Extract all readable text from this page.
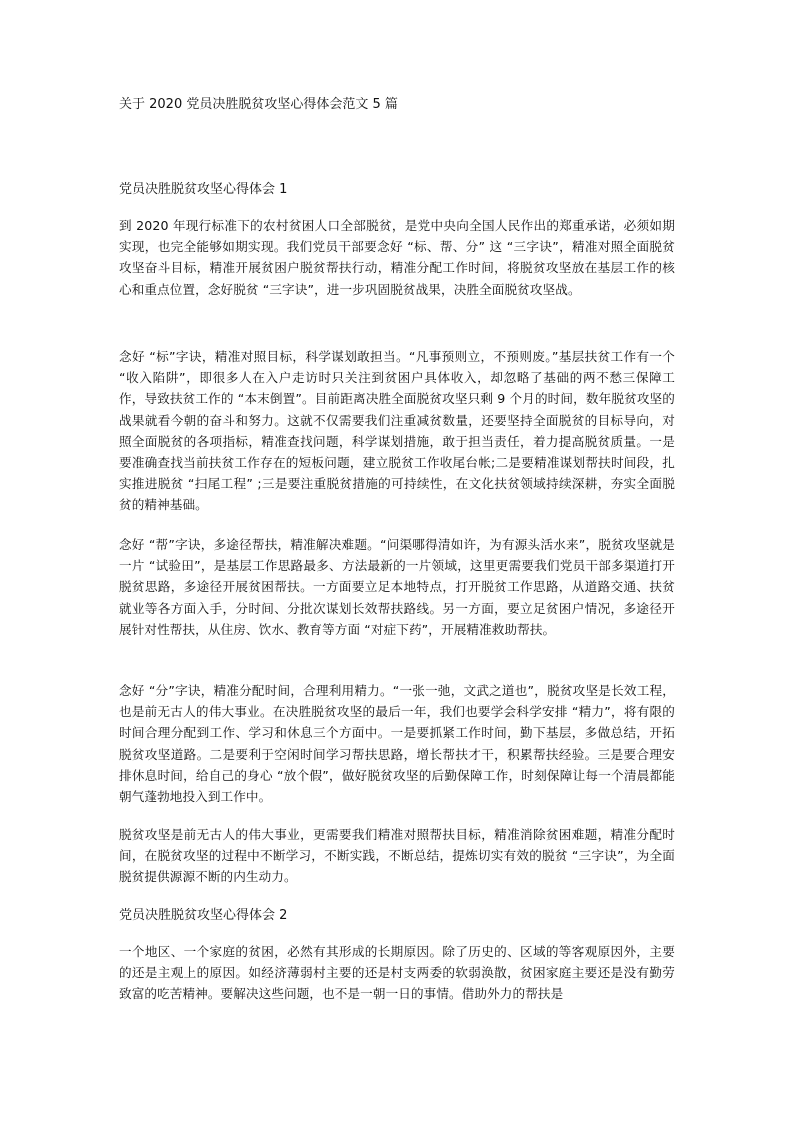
关于 2020 党员决胜脱贫攻坚心得体会范文 5 篇
党员决胜脱贫攻坚心得体会 1

到 2020 年现行标准下的农村贫困人口全部脱贫，是党中央向全国人民作出的郑重承诺，必须如期实现，也完全能够如期实现。我们党员干部要念好 “标、帮、分” 这 “三字诀”，精准对照全面脱贫攻坚奋斗目标，精准开展贫困户脱贫帮扶行动，精准分配工作时间，将脱贫攻坚放在基层工作的核心和重点位置，念好脱贫 “三字诀”，进一步巩固脱贫战果，决胜全面脱贫攻坚战。

念好 “标”字诀，精准对照目标，科学谋划敢担当。“凡事预则立，不预则废。”基层扶贫工作有一个 “收入陷阱”，即很多人在入户走访时只关注到贫困户具体收入，却忽略了基础的两不愁三保障工作，导致扶贫工作的 “本末倒置”。目前距离决胜全面脱贫攻坚只剩 9 个月的时间，数年脱贫攻坚的战果就看今朝的奋斗和努力。这就不仅需要我们注重减贫数量，还要坚持全面脱贫的目标导向，对照全面脱贫的各项指标，精准查找问题，科学谋划措施，敢于担当责任，着力提高脱贫质量。一是要准确查找当前扶贫工作存在的短板问题，建立脱贫工作收尾台帐;二是要精准谋划帮扶时间段，扎实推进脱贫 “扫尾工程” ;三是要注重脱贫措施的可持续性，在文化扶贫领域持续深耕，夯实全面脱贫的精神基础。

念好 “帮”字诀，多途径帮扶，精准解决难题。“问渠哪得清如许，为有源头活水来”，脱贫攻坚就是一片 “试验田”，是基层工作思路最多、方法最新的一片领域，这里更需要我们党员干部多渠道打开脱贫思路，多途径开展贫困帮扶。一方面要立足本地特点，打开脱贫工作思路，从道路交通、扶贫就业等各方面入手，分时间、分批次谋划长效帮扶路线。另一方面，要立足贫困户情况，多途径开展针对性帮扶，从住房、饮水、教育等方面 “对症下药”，开展精准救助帮扶。

念好 “分”字诀，精准分配时间，合理利用精力。“一张一弛，文武之道也”，脱贫攻坚是长效工程，也是前无古人的伟大事业。在决胜脱贫攻坚的最后一年，我们也要学会科学安排 “精力”，将有限的时间合理分配到工作、学习和休息三个方面中。一是要抓紧工作时间，勤下基层，多做总结，开拓脱贫攻坚道路。二是要利于空闲时间学习帮扶思路，增长帮扶才干，积累帮扶经验。三是要合理安排休息时间，给自己的身心 “放个假”，做好脱贫攻坚的后勤保障工作，时刻保障让每一个清晨都能朝气蓬勃地投入到工作中。

脱贫攻坚是前无古人的伟大事业，更需要我们精准对照帮扶目标，精准消除贫困难题，精准分配时间，在脱贫攻坚的过程中不断学习，不断实践，不断总结，提炼切实有效的脱贫 “三字诀”，为全面脱贫提供源源不断的内生动力。

党员决胜脱贫攻坚心得体会 2

一个地区、一个家庭的贫困，必然有其形成的长期原因。除了历史的、区域的等客观原因外，主要的还是主观上的原因。如经济薄弱村主要的还是村支两委的软弱涣散，贫困家庭主要还是没有勤劳致富的吃苦精神。要解决这些问题，也不是一朝一日的事情。借助外力的帮扶是
